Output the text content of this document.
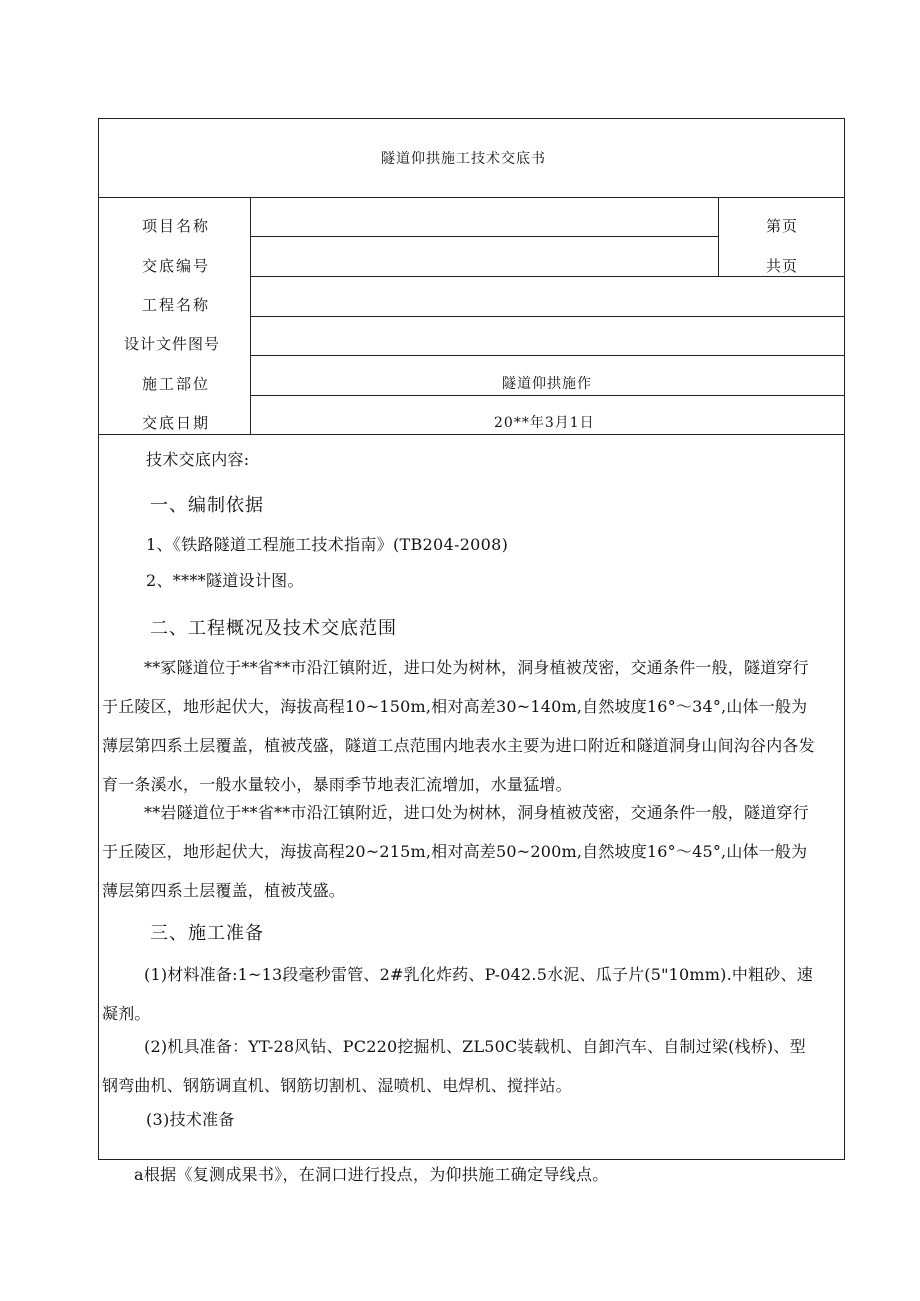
隧道仰拱施工技术交底书
项目名称
交底编号
工程名称
设计文件图号
施工部位
交底日期
隧道仰拱施作
20**年3月1日
第页
共页
技术交底内容:
一、编制依据
1、《铁路隧道工程施工技术指南》(TB204-2008)
2、****隧道设计图。
二、工程概况及技术交底范围
**冢隧道位于**省**市沿江镇附近，进口处为树林，洞身植被茂密，交通条件一般，隧道穿行
于丘陵区，地形起伏大，海拔高程10~150m,相对高差30~140m,自然坡度16°～34°,山体一般为
薄层第四系土层覆盖，植被茂盛，隧道工点范围内地表水主要为进口附近和隧道洞身山间沟谷内各发
育一条溪水，一般水量较小，暴雨季节地表汇流增加，水量猛增。
**岩隧道位于**省**市沿江镇附近，进口处为树林，洞身植被茂密，交通条件一般，隧道穿行
于丘陵区，地形起伏大，海拔高程20~215m,相对高差50~200m,自然坡度16°～45°,山体一般为
薄层第四系土层覆盖，植被茂盛。
三、施工准备
(1)材料准备:1~13段毫秒雷管、2#乳化炸药、P-042.5水泥、瓜子片(5"10mm).中粗砂、速
凝剂。
(2)机具准备：YT-28风钻、PC220挖掘机、ZL50C装载机、自卸汽车、自制过梁(栈桥)、型
钢弯曲机、钢筋调直机、钢筋切割机、湿喷机、电焊机、搅拌站。
(3)技术准备
a根据《复测成果书》，在洞口进行投点，为仰拱施工确定导线点。
